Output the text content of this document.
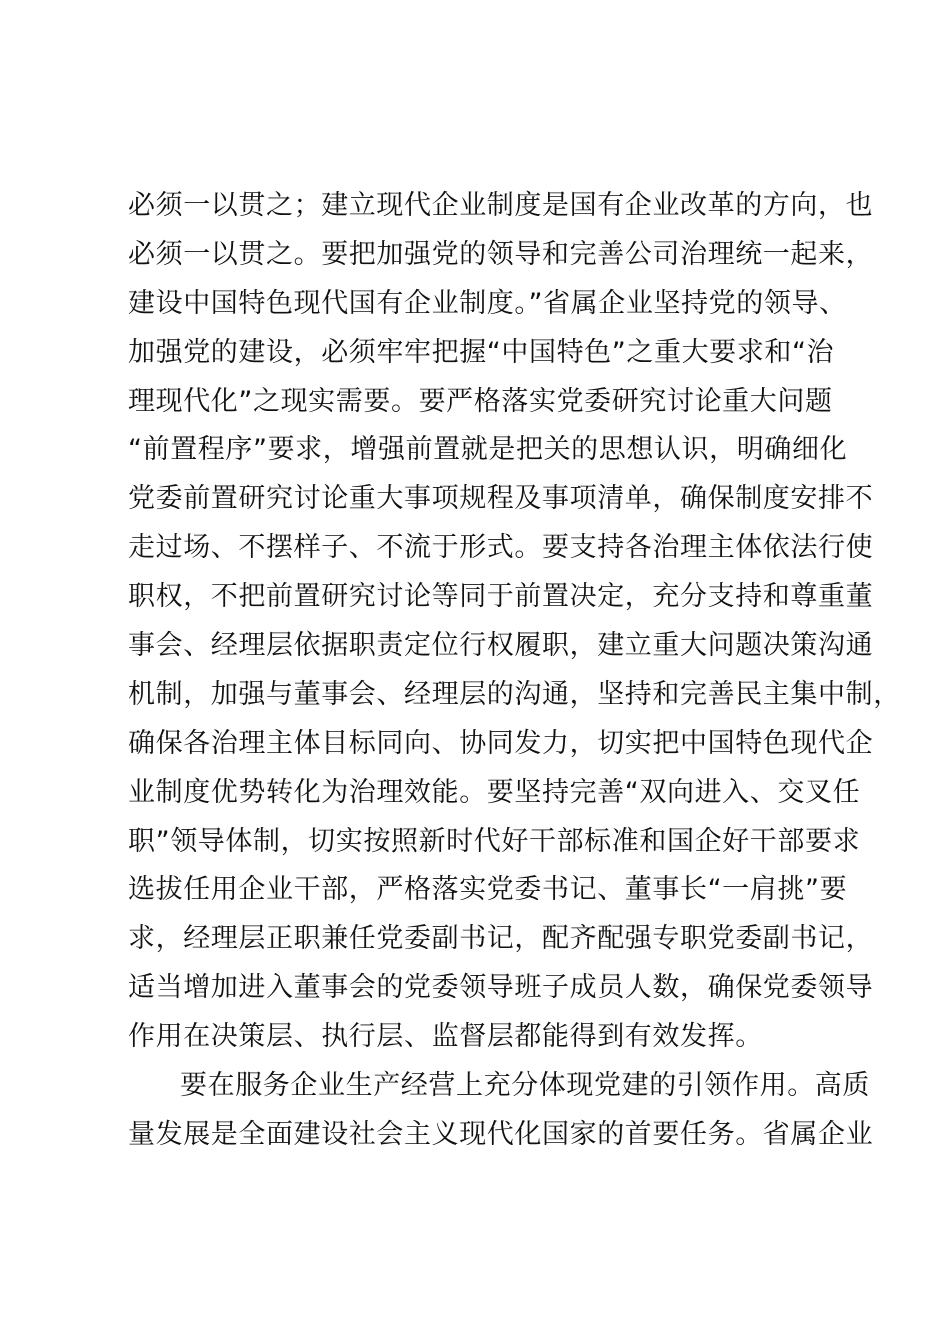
必须一以贯之；建立现代企业制度是国有企业改革的方向，也
必须一以贯之。要把加强党的领导和完善公司治理统一起来，
建设中国特色现代国有企业制度。”省属企业坚持党的领导、
加强党的建设，必须牢牢把握“中国特色”之重大要求和“治
理现代化”之现实需要。要严格落实党委研究讨论重大问题
“前置程序”要求，增强前置就是把关的思想认识，明确细化
党委前置研究讨论重大事项规程及事项清单，确保制度安排不
走过场、不摆样子、不流于形式。要支持各治理主体依法行使
职权，不把前置研究讨论等同于前置决定，充分支持和尊重董
事会、经理层依据职责定位行权履职，建立重大问题决策沟通
机制，加强与董事会、经理层的沟通，坚持和完善民主集中制，
确保各治理主体目标同向、协同发力，切实把中国特色现代企
业制度优势转化为治理效能。要坚持完善“双向进入、交叉任
职”领导体制，切实按照新时代好干部标准和国企好干部要求
选拔任用企业干部，严格落实党委书记、董事长“一肩挑”要
求，经理层正职兼任党委副书记，配齐配强专职党委副书记，
适当增加进入董事会的党委领导班子成员人数，确保党委领导
作用在决策层、执行层、监督层都能得到有效发挥。
要在服务企业生产经营上充分体现党建的引领作用。高质
量发展是全面建设社会主义现代化国家的首要任务。省属企业
